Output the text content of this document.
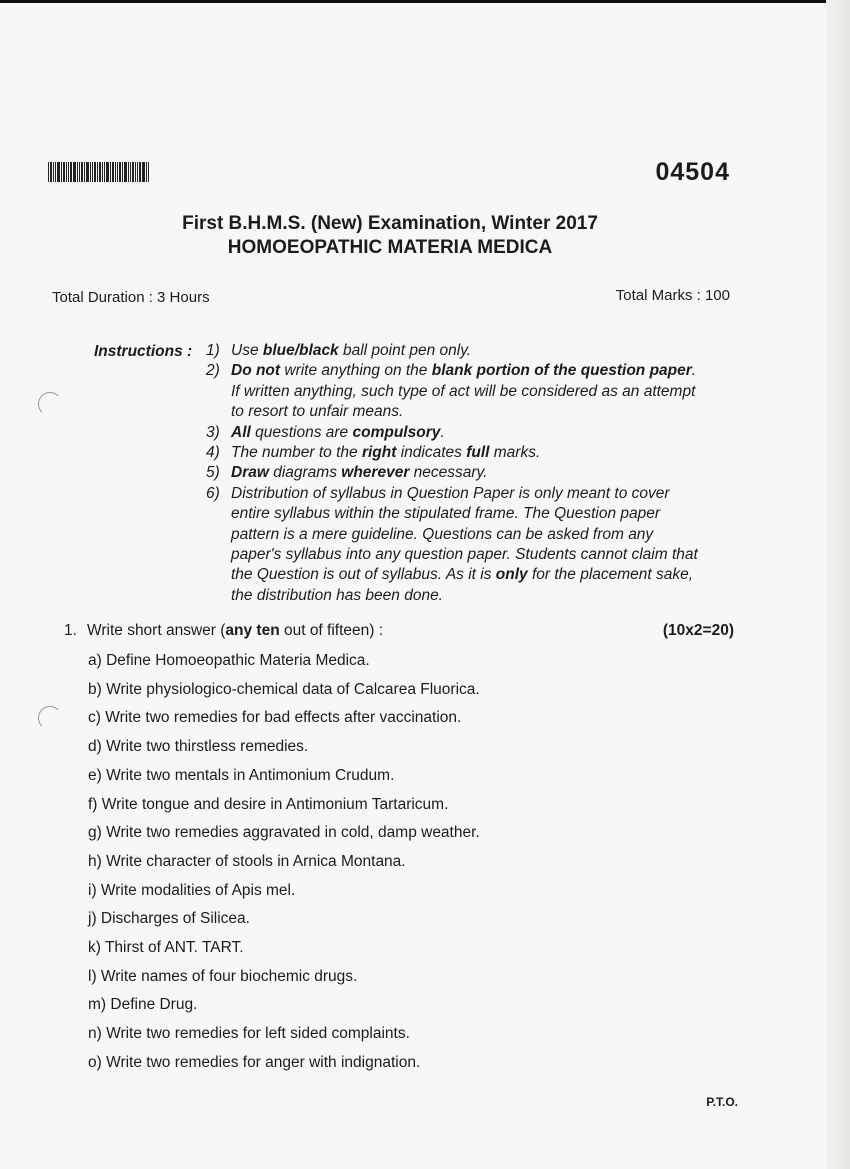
04504
First B.H.M.S. (New) Examination, Winter 2017
HOMOEOPATHIC MATERIA MEDICA
Total Duration : 3 Hours	Total Marks : 100
Instructions : 1) Use blue/black ball point pen only.
2) Do not write anything on the blank portion of the question paper. If written anything, such type of act will be considered as an attempt to resort to unfair means.
3) All questions are compulsory.
4) The number to the right indicates full marks.
5) Draw diagrams wherever necessary.
6) Distribution of syllabus in Question Paper is only meant to cover entire syllabus within the stipulated frame. The Question paper pattern is a mere guideline. Questions can be asked from any paper's syllabus into any question paper. Students cannot claim that the Question is out of syllabus. As it is only for the placement sake, the distribution has been done.
1. Write short answer (any ten out of fifteen) :	(10x2=20)
a) Define Homoeopathic Materia Medica.
b) Write physiologico-chemical data of Calcarea Fluorica.
c) Write two remedies for bad effects after vaccination.
d) Write two thirstless remedies.
e) Write two mentals in Antimonium Crudum.
f) Write tongue and desire in Antimonium Tartaricum.
g) Write two remedies aggravated in cold, damp weather.
h) Write character of stools in Arnica Montana.
i) Write modalities of Apis mel.
j) Discharges of Silicea.
k) Thirst of ANT. TART.
l) Write names of four biochemic drugs.
m) Define Drug.
n) Write two remedies for left sided complaints.
o) Write two remedies for anger with indignation.
P.T.O.
